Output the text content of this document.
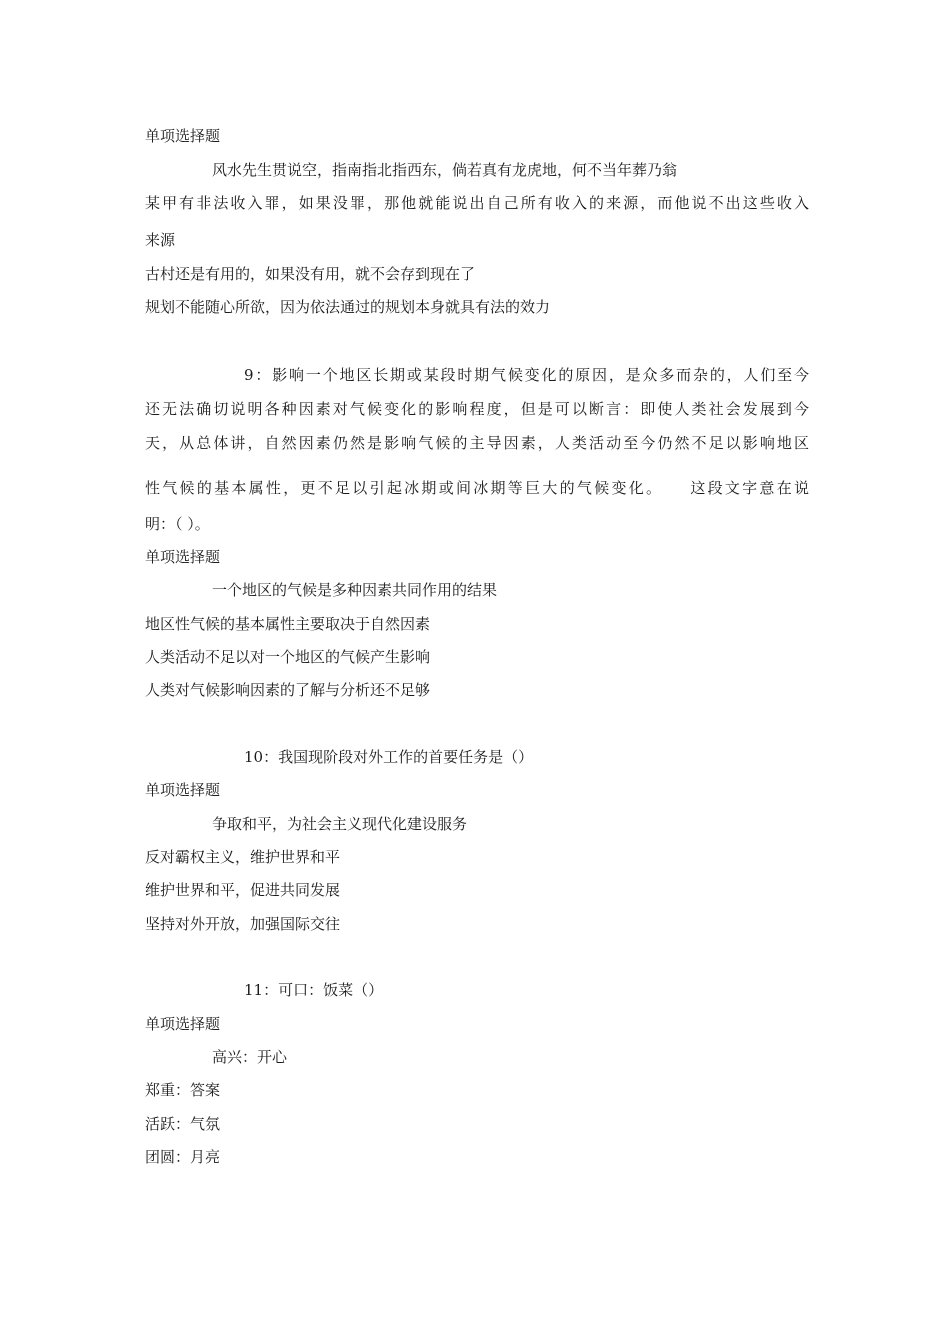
单项选择题
风水先生贯说空，指南指北指西东，倘若真有龙虎地，何不当年葬乃翁
某甲有非法收入罪，如果没罪，那他就能说出自己所有收入的来源，而他说不出这些收入
来源
古村还是有用的，如果没有用，就不会存到现在了
规划不能随心所欲，因为依法通过的规划本身就具有法的效力
9：影响一个地区长期或某段时期气候变化的原因，是众多而杂的，人们至今
还无法确切说明各种因素对气候变化的影响程度，但是可以断言：即使人类社会发展到今
天，从总体讲，自然因素仍然是影响气候的主导因素，人类活动至今仍然不足以影响地区
性气候的基本属性，更不足以引起冰期或间冰期等巨大的气候变化。　　这段文字意在说
明：（ ）。
单项选择题
一个地区的气候是多种因素共同作用的结果
地区性气候的基本属性主要取决于自然因素
人类活动不足以对一个地区的气候产生影响
人类对气候影响因素的了解与分析还不足够
10：我国现阶段对外工作的首要任务是（）
单项选择题
争取和平，为社会主义现代化建设服务
反对霸权主义，维护世界和平
维护世界和平，促进共同发展
坚持对外开放，加强国际交往
11：可口：饭菜（）
单项选择题
高兴：开心
郑重：答案
活跃：气氛
团圆：月亮
